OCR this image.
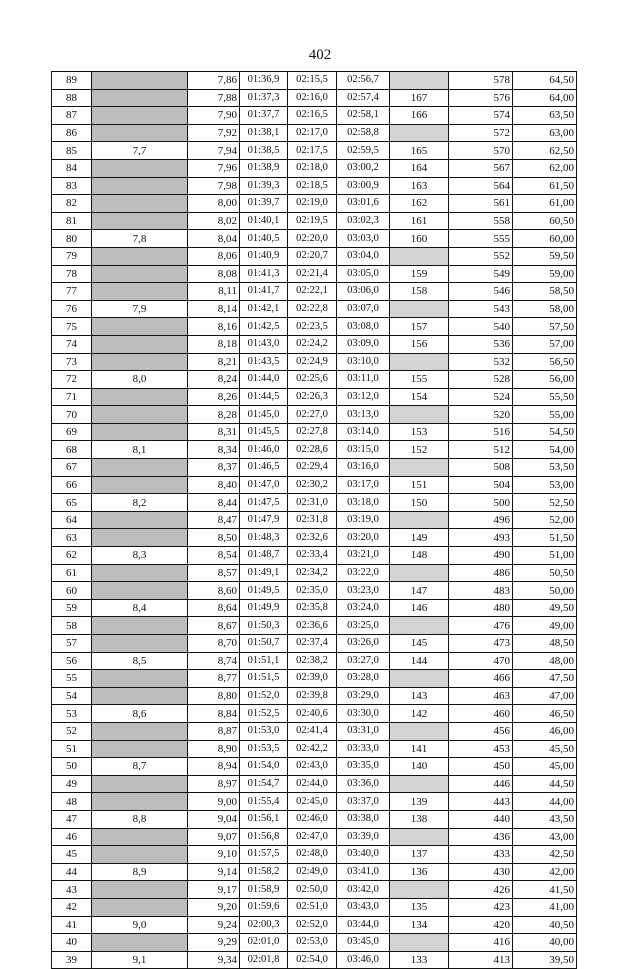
402
89		7,86	01:36,9	02:15,5	02:56,7		578	64,50
88		7,88	01:37,3	02:16,0	02:57,4	167	576	64,00
87		7,90	01:37,7	02:16,5	02:58,1	166	574	63,50
86		7,92	01:38,1	02:17,0	02:58,8		572	63,00
85	7,7	7,94	01:38,5	02:17,5	02:59,5	165	570	62,50
84		7,96	01:38,9	02:18,0	03:00,2	164	567	62,00
83		7,98	01:39,3	02:18,5	03:00,9	163	564	61,50
82		8,00	01:39,7	02:19,0	03:01,6	162	561	61,00
81		8,02	01:40,1	02:19,5	03:02,3	161	558	60,50
80	7,8	8,04	01:40,5	02:20,0	03:03,0	160	555	60,00
79		8,06	01:40,9	02:20,7	03:04,0		552	59,50
78		8,08	01:41,3	02:21,4	03:05,0	159	549	59,00
77		8,11	01:41,7	02:22,1	03:06,0	158	546	58,50
76	7,9	8,14	01:42,1	02:22,8	03:07,0		543	58,00
75		8,16	01:42,5	02:23,5	03:08,0	157	540	57,50
74		8,18	01:43,0	02:24,2	03:09,0	156	536	57,00
73		8,21	01:43,5	02:24,9	03:10,0		532	56,50
72	8,0	8,24	01:44,0	02:25,6	03:11,0	155	528	56,00
71		8,26	01:44,5	02:26,3	03:12,0	154	524	55,50
70		8,28	01:45,0	02:27,0	03:13,0		520	55,00
69		8,31	01:45,5	02:27,8	03:14,0	153	516	54,50
68	8,1	8,34	01:46,0	02:28,6	03:15,0	152	512	54,00
67		8,37	01:46,5	02:29,4	03:16,0		508	53,50
66		8,40	01:47,0	02:30,2	03:17,0	151	504	53,00
65	8,2	8,44	01:47,5	02:31,0	03:18,0	150	500	52,50
64		8,47	01:47,9	02:31,8	03:19,0		496	52,00
63		8,50	01:48,3	02:32,6	03:20,0	149	493	51,50
62	8,3	8,54	01:48,7	02:33,4	03:21,0	148	490	51,00
61		8,57	01:49,1	02:34,2	03:22,0		486	50,50
60		8,60	01:49,5	02:35,0	03:23,0	147	483	50,00
59	8,4	8,64	01:49,9	02:35,8	03:24,0	146	480	49,50
58		8,67	01:50,3	02:36,6	03:25,0		476	49,00
57		8,70	01:50,7	02:37,4	03:26,0	145	473	48,50
56	8,5	8,74	01:51,1	02:38,2	03:27,0	144	470	48,00
55		8,77	01:51,5	02:39,0	03:28,0		466	47,50
54		8,80	01:52,0	02:39,8	03:29,0	143	463	47,00
53	8,6	8,84	01:52,5	02:40,6	03:30,0	142	460	46,50
52		8,87	01:53,0	02:41,4	03:31,0		456	46,00
51		8,90	01:53,5	02:42,2	03:33,0	141	453	45,50
50	8,7	8,94	01:54,0	02:43,0	03:35,0	140	450	45,00
49		8,97	01:54,7	02:44,0	03:36,0		446	44,50
48		9,00	01:55,4	02:45,0	03:37,0	139	443	44,00
47	8,8	9,04	01:56,1	02:46,0	03:38,0	138	440	43,50
46		9,07	01:56,8	02:47,0	03:39,0		436	43,00
45		9,10	01:57,5	02:48,0	03:40,0	137	433	42,50
44	8,9	9,14	01:58,2	02:49,0	03:41,0	136	430	42,00
43		9,17	01:58,9	02:50,0	03:42,0		426	41,50
42		9,20	01:59,6	02:51,0	03:43,0	135	423	41,00
41	9,0	9,24	02:00,3	02:52,0	03:44,0	134	420	40,50
40		9,29	02:01,0	02:53,0	03:45,0		416	40,00
39	9,1	9,34	02:01,8	02:54,0	03:46,0	133	413	39,50
